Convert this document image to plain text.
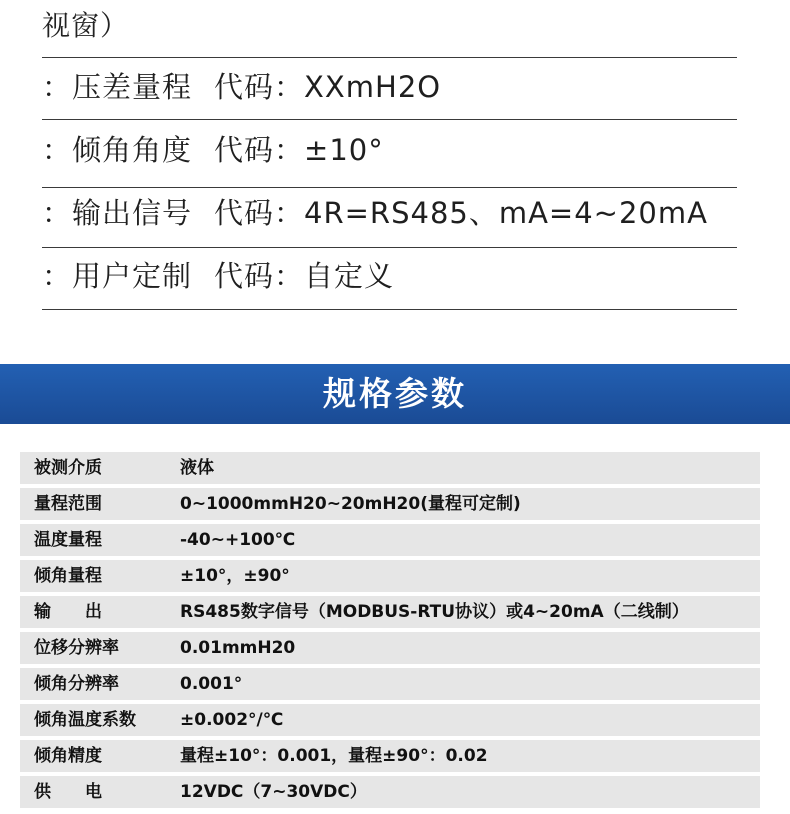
视窗）
：压差量程 代码：XXmH2O
：倾角角度 代码：±10°
：输出信号 代码：4R=RS485、mA=4~20mA
：用户定制 代码：自定义
规格参数
被测介质	液体
量程范围	0~1000mmH20~20mH20(量程可定制)
温度量程	-40~+100℃
倾角量程	±10°，±90°
输　　出	RS485数字信号（MODBUS-RTU协议）或4~20mA（二线制）
位移分辨率	0.01mmH20
倾角分辨率	0.001°
倾角温度系数	±0.002°/℃
倾角精度	量程±10°：0.001，量程±90°：0.02
供　　电	12VDC（7~30VDC）
